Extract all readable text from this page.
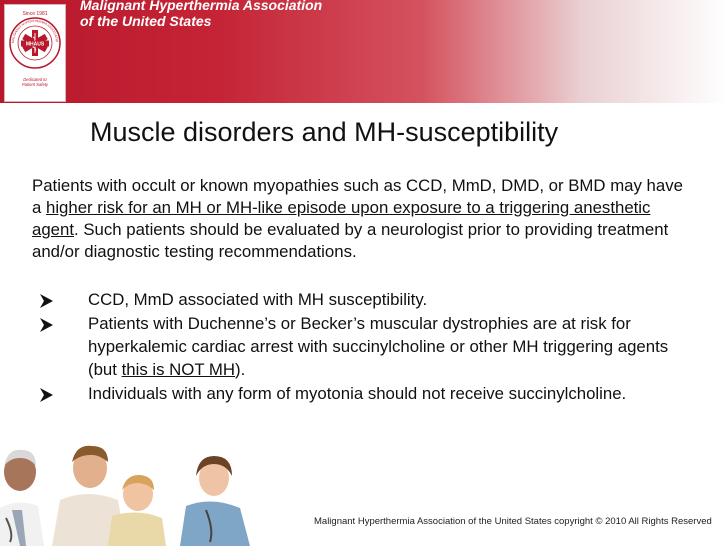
Since 1981
MALIGNANT HYPERTHERMIA ASSOCIATIO
MHAUS
Dedicated to
Patient Safety
Malignant Hyperthermia Association
of the United States
Muscle disorders and MH-susceptibility

Patients with occult or known myopathies such as CCD, MmD, DMD, or BMD may have a higher risk for an MH or MH-like episode upon exposure to a triggering anesthetic agent. Such patients should be evaluated by a neurologist prior to providing treatment and/or diagnostic testing recommendations.

CCD, MmD associated with MH susceptibility.
Patients with Duchenne’s or Becker’s muscular dystrophies are at risk for hyperkalemic cardiac arrest with succinylcholine or other MH triggering agents (but this is NOT MH).
Individuals with any form of myotonia should not receive succinylcholine.
Malignant Hyperthermia Association of the United States copyright © 2010 All Rights Reserved
